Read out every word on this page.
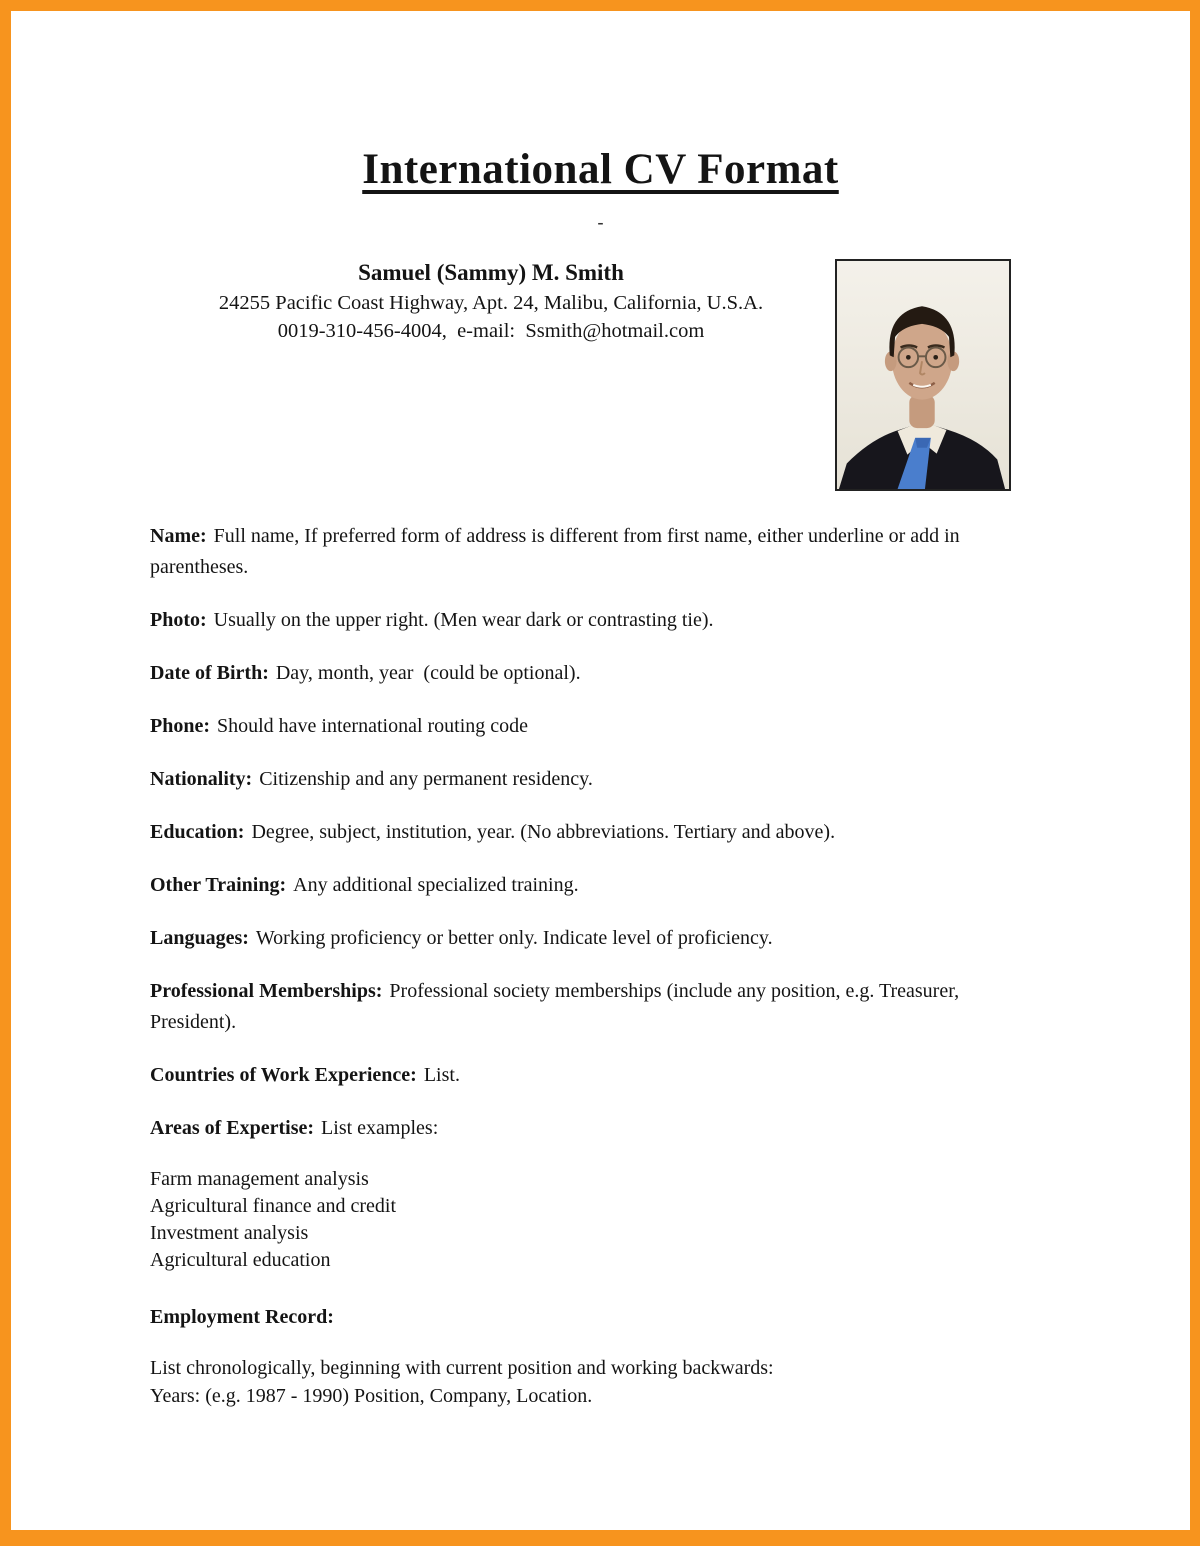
International CV Format
-
Samuel (Sammy) M. Smith
24255 Pacific Coast Highway, Apt. 24, Malibu, California, U.S.A.
0019-310-456-4004,  e-mail:  Ssmith@hotmail.com

Name: Full name, If preferred form of address is different from first name, either underline or add in parentheses.

Photo: Usually on the upper right. (Men wear dark or contrasting tie).

Date of Birth: Day, month, year  (could be optional).

Phone: Should have international routing code

Nationality: Citizenship and any permanent residency.

Education: Degree, subject, institution, year. (No abbreviations. Tertiary and above).

Other Training: Any additional specialized training.

Languages: Working proficiency or better only. Indicate level of proficiency.

Professional Memberships: Professional society memberships (include any position, e.g. Treasurer, President).

Countries of Work Experience: List.

Areas of Expertise: List examples:

Farm management analysis
Agricultural finance and credit
Investment analysis
Agricultural education

Employment Record:

List chronologically, beginning with current position and working backwards:
Years: (e.g. 1987 - 1990) Position, Company, Location.
